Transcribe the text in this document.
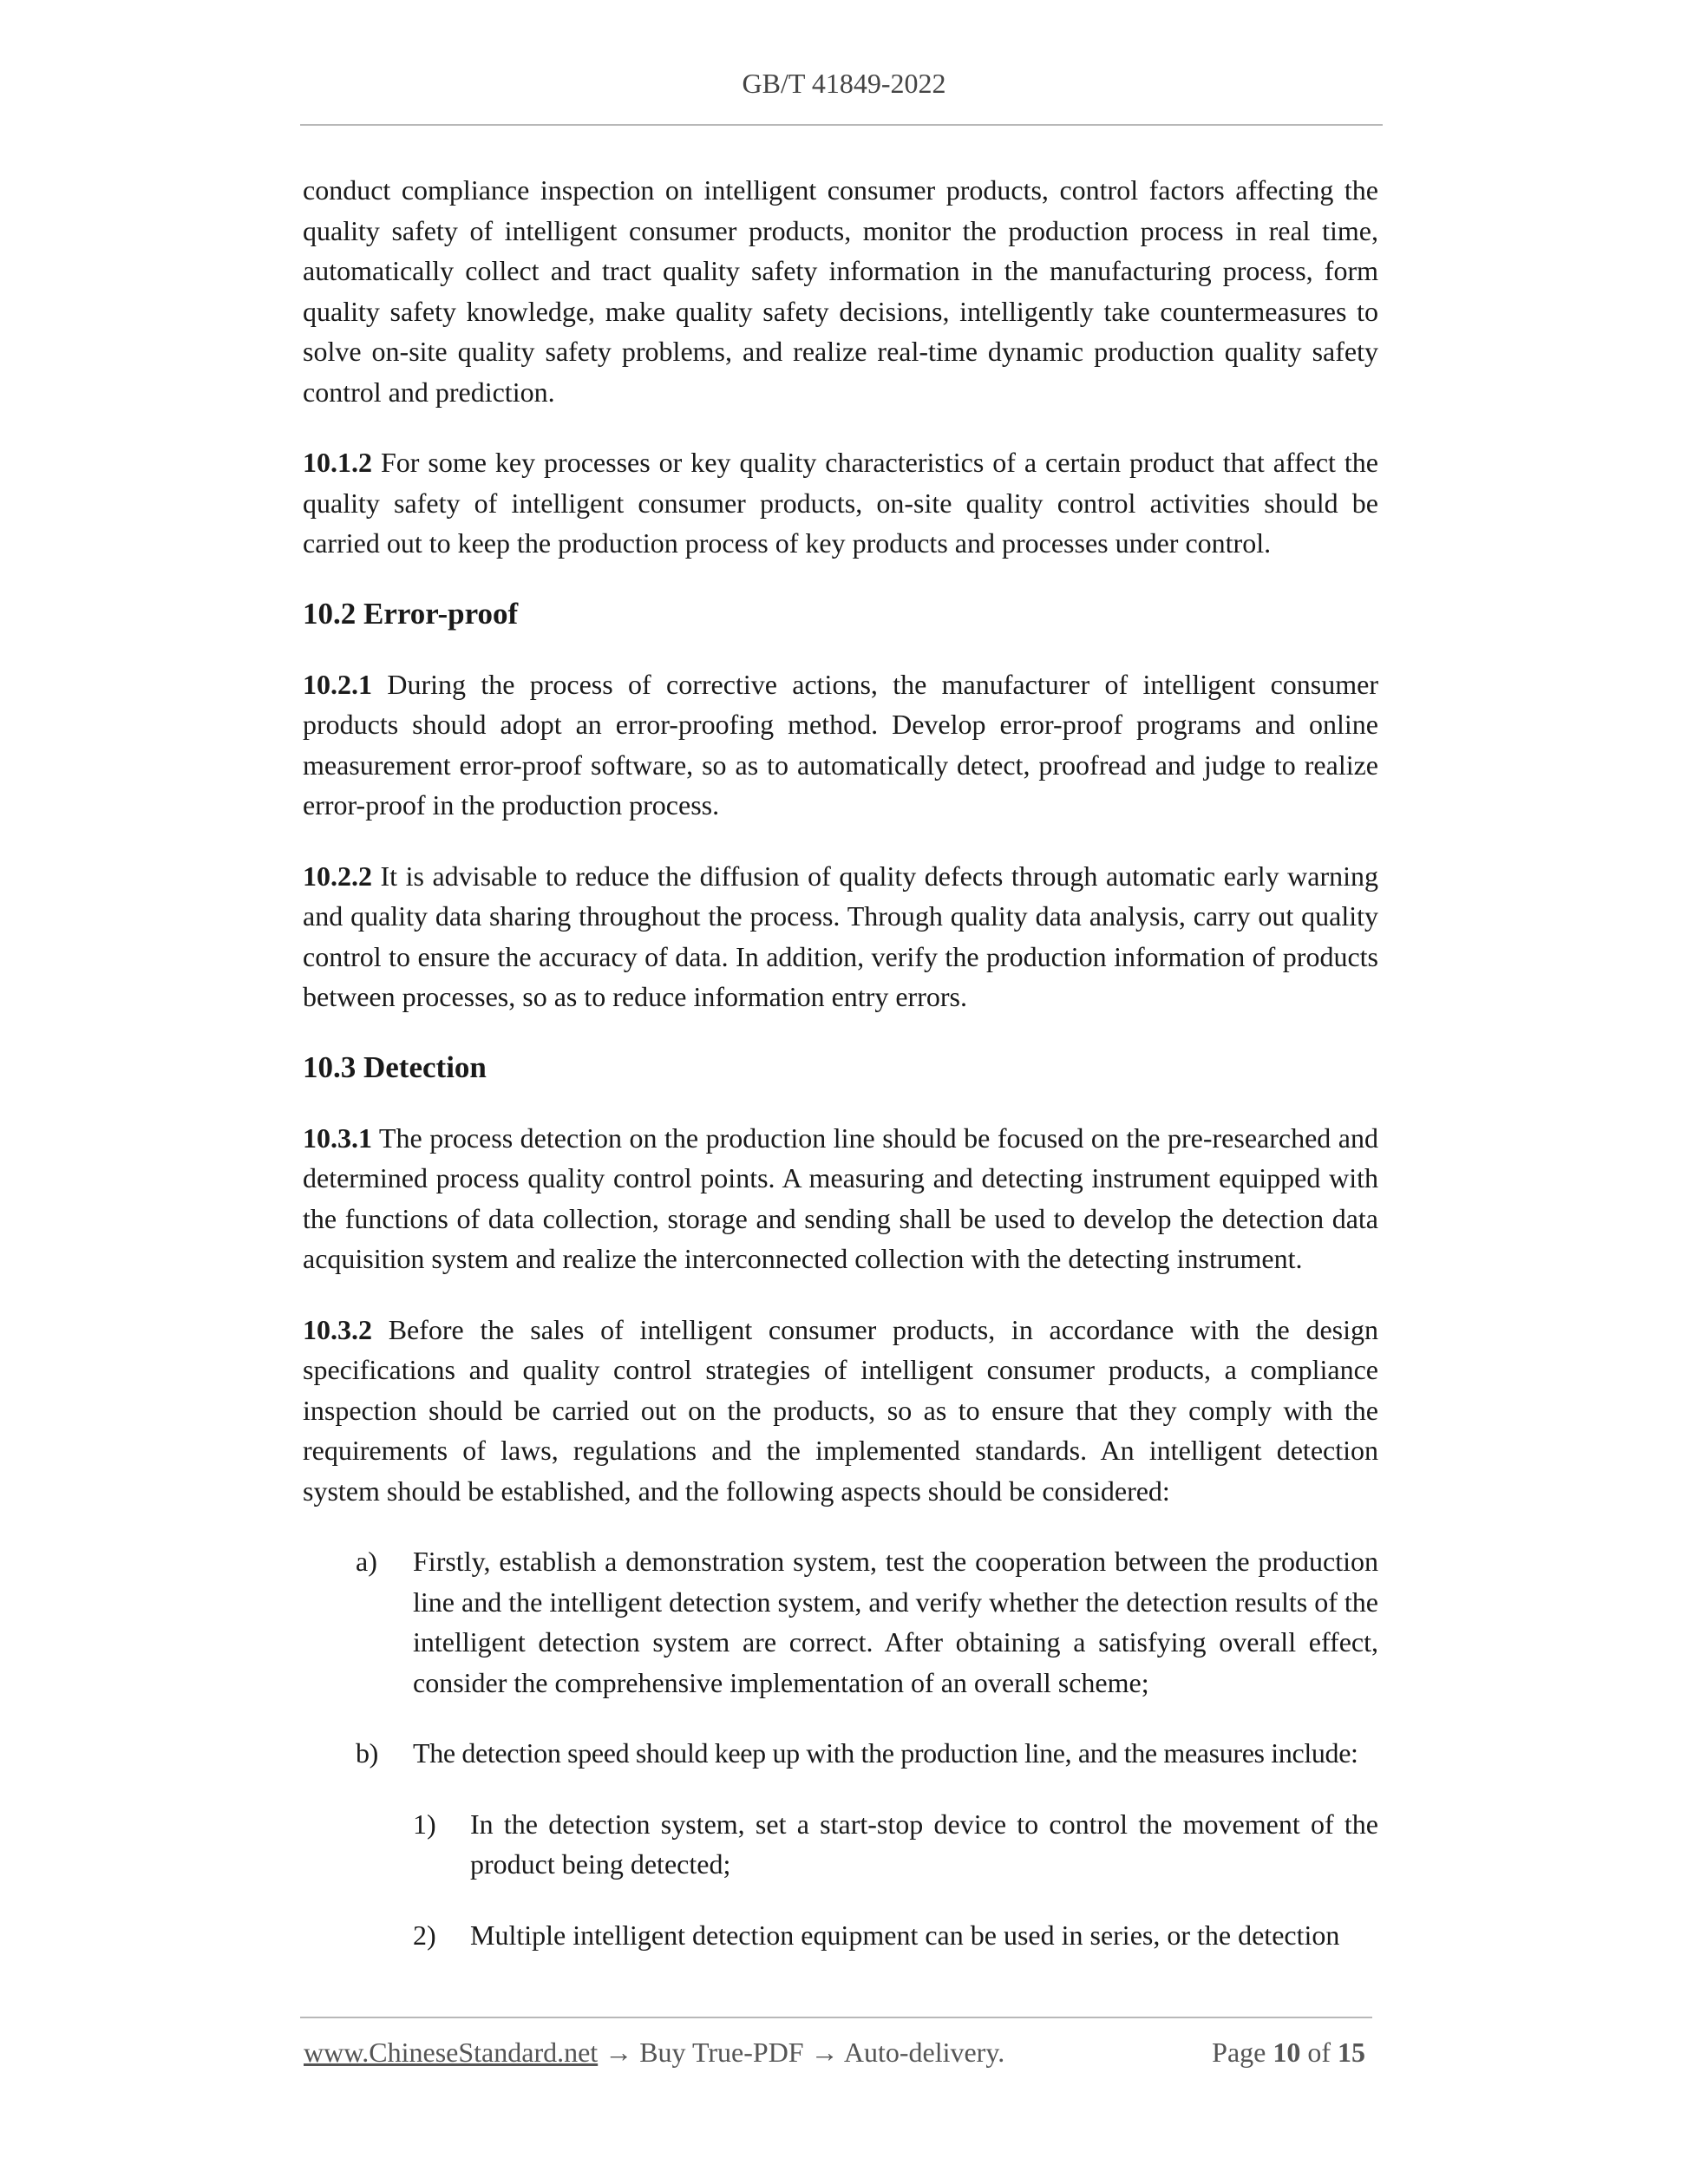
GB/T 41849-2022

conduct compliance inspection on intelligent consumer products, control factors affecting the quality safety of intelligent consumer products, monitor the production process in real time, automatically collect and tract quality safety information in the manufacturing process, form quality safety knowledge, make quality safety decisions, intelligently take countermeasures to solve on-site quality safety problems, and realize real-time dynamic production quality safety control and prediction.

10.1.2 For some key processes or key quality characteristics of a certain product that affect the quality safety of intelligent consumer products, on-site quality control activities should be carried out to keep the production process of key products and processes under control.

10.2 Error-proof

10.2.1 During the process of corrective actions, the manufacturer of intelligent consumer products should adopt an error-proofing method. Develop error-proof programs and online measurement error-proof software, so as to automatically detect, proofread and judge to realize error-proof in the production process.

10.2.2 It is advisable to reduce the diffusion of quality defects through automatic early warning and quality data sharing throughout the process. Through quality data analysis, carry out quality control to ensure the accuracy of data. In addition, verify the production information of products between processes, so as to reduce information entry errors.

10.3 Detection

10.3.1 The process detection on the production line should be focused on the pre-researched and determined process quality control points. A measuring and detecting instrument equipped with the functions of data collection, storage and sending shall be used to develop the detection data acquisition system and realize the interconnected collection with the detecting instrument.

10.3.2 Before the sales of intelligent consumer products, in accordance with the design specifications and quality control strategies of intelligent consumer products, a compliance inspection should be carried out on the products, so as to ensure that they comply with the requirements of laws, regulations and the implemented standards. An intelligent detection system should be established, and the following aspects should be considered:

a) Firstly, establish a demonstration system, test the cooperation between the production line and the intelligent detection system, and verify whether the detection results of the intelligent detection system are correct. After obtaining a satisfying overall effect, consider the comprehensive implementation of an overall scheme;
b) The detection speed should keep up with the production line, and the measures include:
1) In the detection system, set a start-stop device to control the movement of the product being detected;
2) Multiple intelligent detection equipment can be used in series, or the detection
www.ChineseStandard.net → Buy True-PDF → Auto-delivery.	Page 10 of 15
